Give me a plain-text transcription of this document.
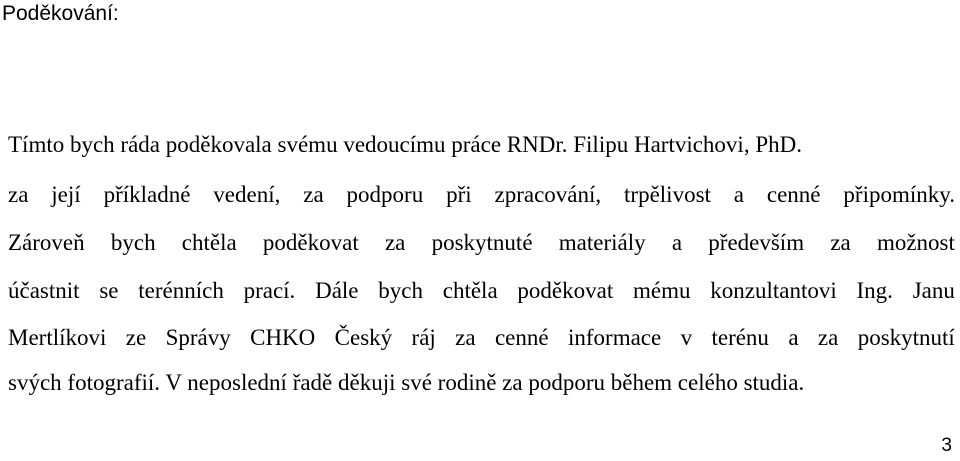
Poděkování:
Tímto bych ráda poděkovala svému vedoucímu práce RNDr. Filipu Hartvichovi, PhD.
za její příkladné vedení, za podporu při zpracování, trpělivost a cenné připomínky.
Zároveň bych chtěla poděkovat za poskytnuté materiály a především za možnost
účastnit se terénních prací. Dále bych chtěla poděkovat mému konzultantovi Ing. Janu
Mertlíkovi ze Správy CHKO Český ráj za cenné informace v terénu a za poskytnutí
svých fotografií. V neposlední řadě děkuji své rodině za podporu během celého studia.
3
